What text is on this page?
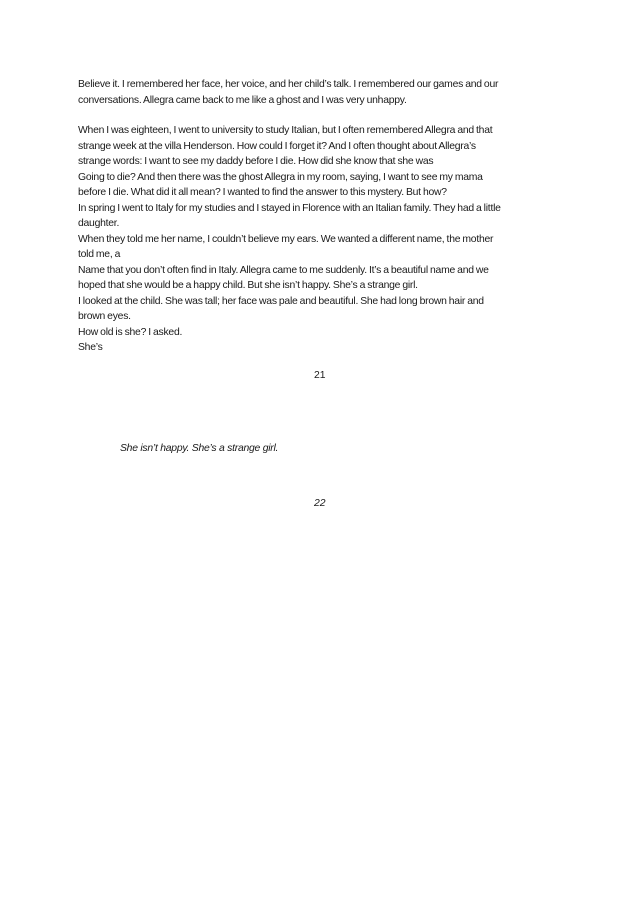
Believe it. I remembered her face, her voice, and her child’s talk. I remembered our games and our
conversations. Allegra came back to me like a ghost and I was very unhappy.
When I was eighteen, I went to university to study Italian, but I often remembered Allegra and that
strange week at the villa Henderson. How could I forget it? And I often thought about Allegra’s
strange words: I want to see my daddy before I die. How did she know that she was
Going to die? And then there was the ghost Allegra in my room, saying, I want to see my mama
before I die. What did it all mean? I wanted to find the answer to this mystery. But how?
In spring I went to Italy for my studies and I stayed in Florence with an Italian family. They had a little
daughter.
When they told me her name, I couldn’t believe my ears. We wanted a different name, the mother
told me, a
Name that you don’t often find in Italy. Allegra came to me suddenly. It’s a beautiful name and we
hoped that she would be a happy child. But she isn’t happy. She’s a strange girl.
I looked at the child. She was tall; her face was pale and beautiful. She had long brown hair and
brown eyes.
How old is she? I asked.
She’s
21
She isn’t happy. She’s a strange girl.
22
